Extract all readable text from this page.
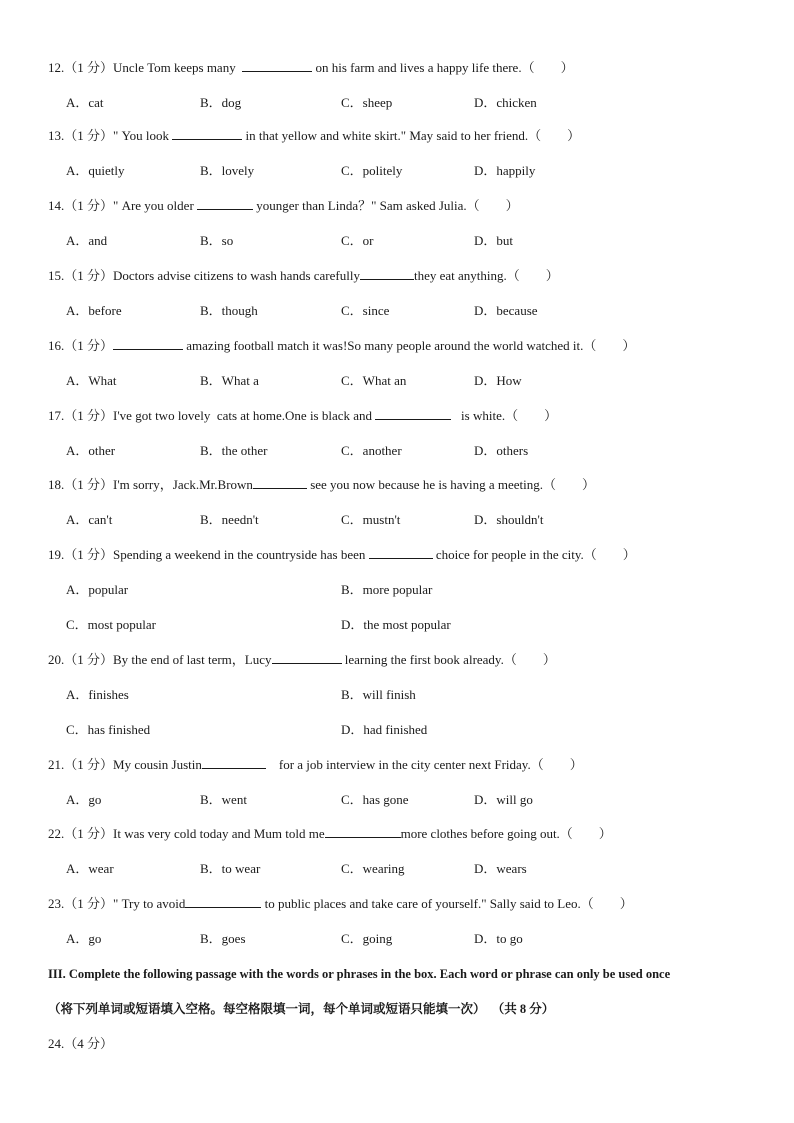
12.（1 分）Uncle Tom keeps many	on his farm and lives a happy life there.（        ）
A．cat	B．dog	C．sheep	D．chicken
13.（1 分）" You look	in that yellow and white skirt." May said to her friend.（        ）
A．quietly	B．lovely	C．politely	D．happily
14.（1 分）" Are you older	younger than Linda？" Sam asked Julia.（        ）
A．and	B．so	C．or	D．but
15.（1 分）Doctors advise citizens to wash hands carefully	they eat anything.（        ）
A．before	B．though	C．since	D．because
16.（1 分）	amazing football match it was!So many people around the world watched it.（        ）
A．What	B．What a	C．What an	D．How
17.（1 分）I've got two lovely  cats at home.One is black and	is white.（        ）
A．other	B．the other	C．another	D．others
18.（1 分）I'm sorry，Jack.Mr.Brown	see you now because he is having a meeting.（        ）
A．can't	B．needn't	C．mustn't	D．shouldn't
19.（1 分）Spending a weekend in the countryside has been	choice for people in the city.（        ）
A．popular	B．more popular
C．most popular	D．the most popular
20.（1 分）By the end of last term，Lucy	learning the first book already.（        ）
A．finishes	B．will finish
C．has finished	D．had finished
21.（1 分）My cousin Justin	for a job interview in the city center next Friday.（        ）
A．go	B．went	C．has gone	D．will go
22.（1 分）It was very cold today and Mum told me	more clothes before going out.（        ）
A．wear	B．to wear	C．wearing	D．wears
23.（1 分）" Try to avoid	to public places and take care of yourself." Sally said to Leo.（        ）
A．go	B．goes	C．going	D．to go
III. Complete the following passage with the words or phrases in the box. Each word or phrase can only be used once
（将下列单词或短语填入空格。每空格限填一词，每个单词或短语只能填一次）  （共 8 分）
24.（4 分）
